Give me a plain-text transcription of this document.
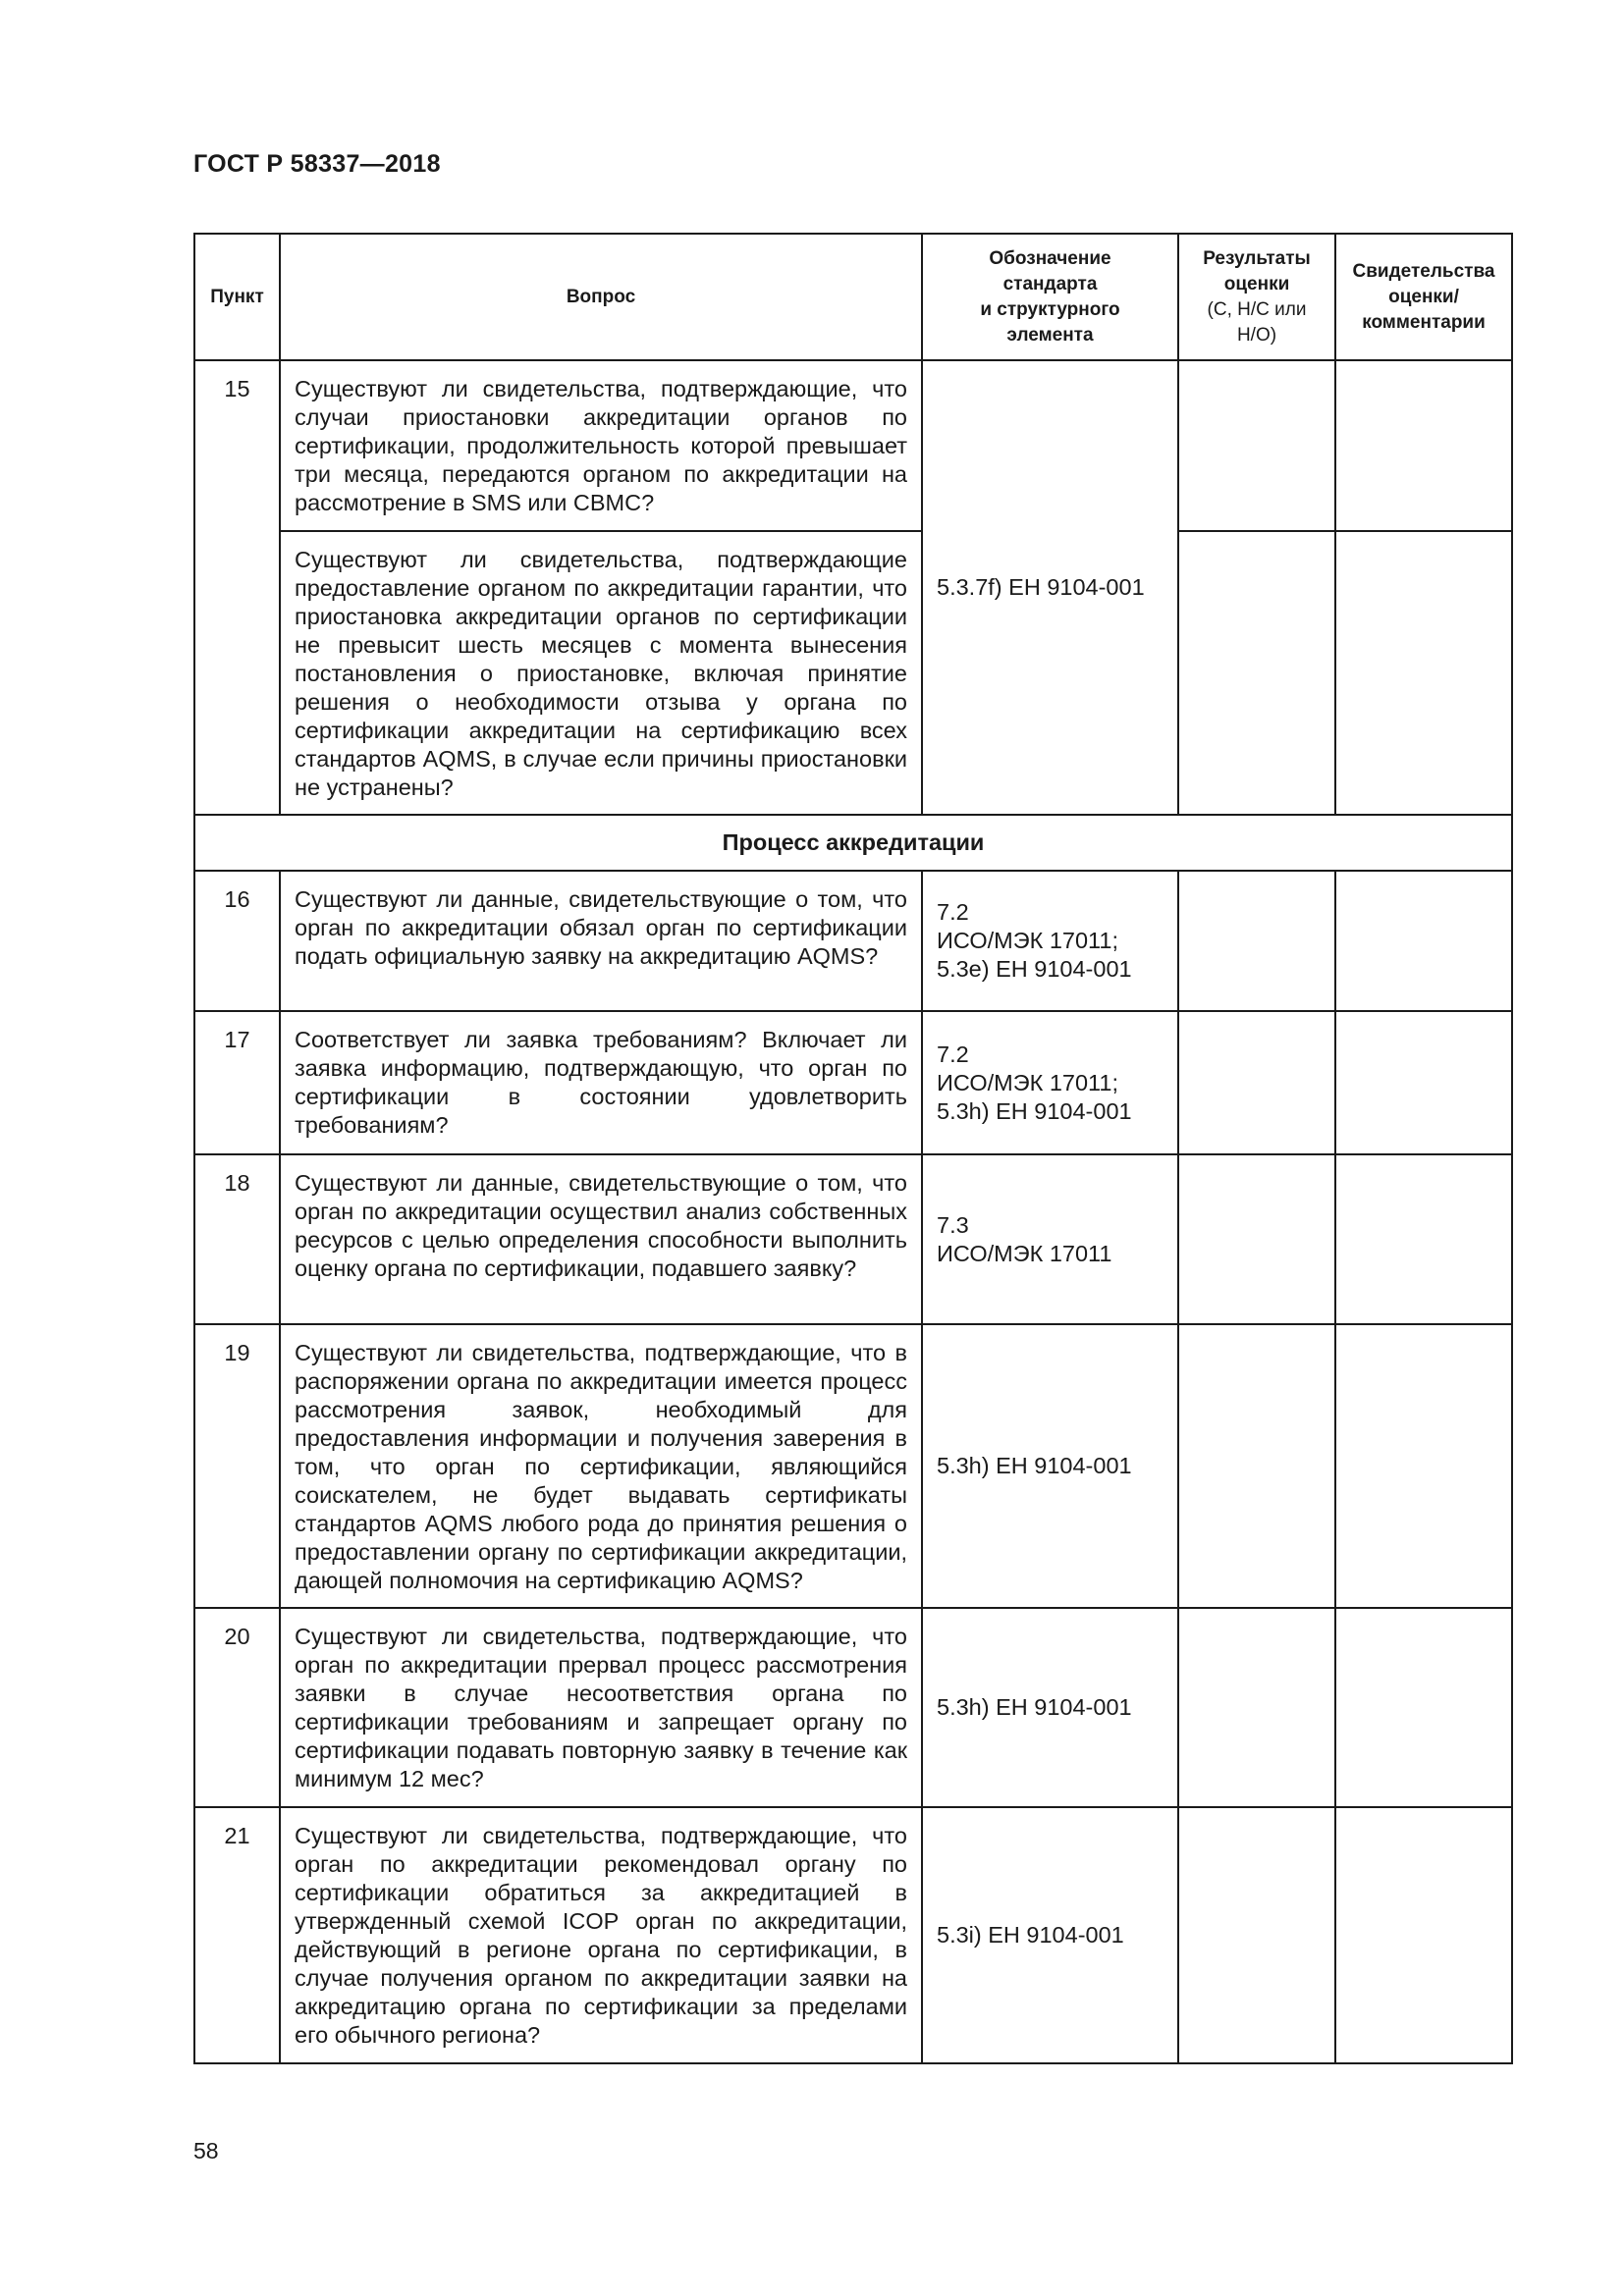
ГОСТ Р 58337—2018
Пункт	Вопрос	Обозначение
стандарта
и структурного
элемента	Результаты
оценки
(С, Н/С или
Н/О)	Свидетельства
оценки/
комментарии

15	Существуют ли свидетельства, подтверждающие, что случаи приостановки аккредитации органов по сертификации, продолжительность которой превышает три месяца, передаются органом по аккредитации на рассмотрение в SMS или CBMC?	5.3.7f) ЕН 9104-001		

	Существуют ли свидетельства, подтверждающие предоставление органом по аккредитации гарантии, что приостановка аккредитации органов по сертификации не превысит шесть месяцев с момента вынесения постановления о приостановке, включая принятие решения о необходимости отзыва у органа по сертификации аккредитации на сертификацию всех стандартов AQMS, в случае если причины приостановки не устранены?			
Процесс аккредитации				
16	Существуют ли данные, свидетельствующие о том, что орган по аккредитации обязал орган по сертификации подать официальную заявку на аккредитацию AQMS?	7.2
ИСО/МЭК 17011;
5.3е) ЕН 9104-001		

17	Соответствует ли заявка требованиям? Включает ли заявка информацию, подтверждающую, что орган по сертификации в состоянии удовлетворить требованиям?	7.2
ИСО/МЭК 17011;
5.3h) ЕН 9104-001		

18	Существуют ли данные, свидетельствующие о том, что орган по аккредитации осуществил анализ собственных ресурсов с целью определения способности выполнить оценку органа по сертификации, подавшего заявку?	7.3
ИСО/МЭК 17011		

19	Существуют ли свидетельства, подтверждающие, что в распоряжении органа по аккредитации имеется процесс рассмотрения заявок, необходимый для предоставления информации и получения заверения в том, что орган по сертификации, являющийся соискателем, не будет выдавать сертификаты стандартов AQMS любого рода до принятия решения о предоставлении органу по сертификации аккредитации, дающей полномочия на сертификацию AQMS?	5.3h) ЕН 9104-001		

20	Существуют ли свидетельства, подтверждающие, что орган по аккредитации прервал процесс рассмотрения заявки в случае несоответствия органа по сертификации требованиям и запрещает органу по сертификации подавать повторную заявку в течение как минимум 12 мес?	5.3h) ЕН 9104-001		

21	Существуют ли свидетельства, подтверждающие, что орган по аккредитации рекомендовал органу по сертификации обратиться за аккредитацией в утвержденный схемой ICOP орган по аккредитации, действующий в регионе органа по сертификации, в случае получения органом по аккредитации заявки на аккредитацию органа по сертификации за пределами его обычного региона?	5.3i) ЕН 9104-001		

58
